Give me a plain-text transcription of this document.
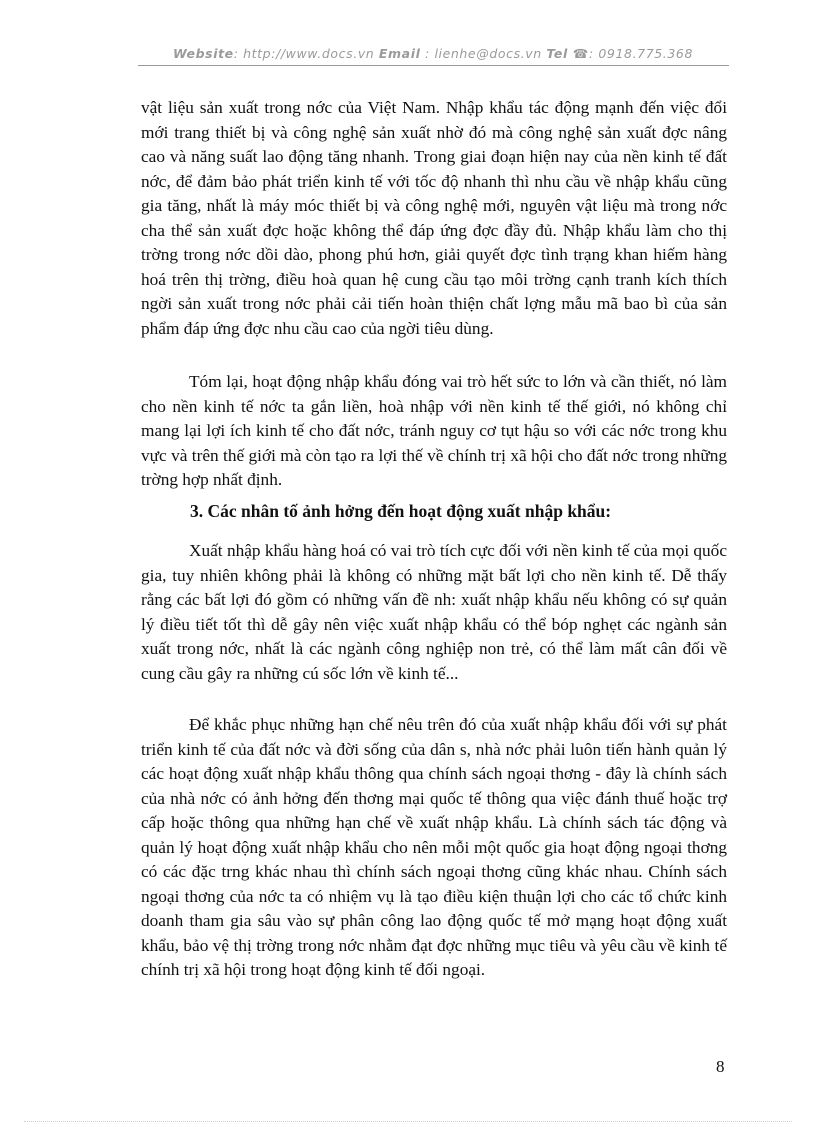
Website: http://www.docs.vn Email : lienhe@docs.vn Tel ☎: 0918.775.368

vật liệu sản xuất trong nớc của Việt Nam. Nhập khẩu tác động mạnh đến việc đổi mới trang thiết bị và công nghệ sản xuất nhờ đó mà công nghệ sản xuất đợc nâng cao và năng suất lao động tăng nhanh. Trong giai đoạn hiện nay của nền kinh tế đất nớc, để đảm bảo phát triển kinh tế với tốc độ nhanh thì nhu cầu về nhập khẩu cũng gia tăng, nhất là máy móc thiết bị và công nghệ mới, nguyên vật liệu mà trong nớc cha thể sản xuất đợc hoặc không thể đáp ứng đợc đầy đủ. Nhập khẩu làm cho thị trờng trong nớc dồi dào, phong phú hơn, giải quyết đợc tình trạng khan hiếm hàng hoá trên thị trờng, điều hoà quan hệ cung cầu tạo môi trờng cạnh tranh kích thích ngời sản xuất trong nớc phải cải tiến hoàn thiện chất lợng mẫu mã bao bì của sản phẩm đáp ứng đợc nhu cầu cao của ngời tiêu dùng.

Tóm lại, hoạt động nhập khẩu đóng vai trò hết sức to lớn và cần thiết, nó làm cho nền kinh tế nớc ta gắn liền, hoà nhập với nền kinh tế thế giới, nó không chỉ mang lại lợi ích kinh tế cho đất nớc, tránh nguy cơ tụt hậu so với các nớc trong khu vực và trên thế giới mà còn tạo ra lợi thế về chính trị xã hội cho đất nớc trong những trờng hợp nhất định.

3. Các nhân tố ảnh hởng đến hoạt động xuất nhập khẩu:

Xuất nhập khẩu hàng hoá có vai trò tích cực đối với nền kinh tế của mọi quốc gia, tuy nhiên không phải là không có những mặt bất lợi cho nền kinh tế. Dễ thấy rằng các bất lợi đó gồm có những vấn đề nh: xuất nhập khẩu nếu không có sự quản lý điều tiết tốt thì dễ gây nên việc xuất nhập khẩu có thể bóp nghẹt các ngành sản xuất trong nớc, nhất là các ngành công nghiệp non trẻ, có thể làm mất cân đối về cung cầu gây ra những cú sốc lớn về kinh tế...

Để khắc phục những hạn chế nêu trên đó của xuất nhập khẩu đối với sự phát triển kinh tế của đất nớc và đời sống của dân s, nhà nớc phải luôn tiến hành quản lý các hoạt động xuất nhập khẩu thông qua chính sách ngoại thơng - đây là chính sách của nhà nớc có ảnh hởng đến thơng mại quốc tế thông qua việc đánh thuế hoặc trợ cấp hoặc thông qua những hạn chế về xuất nhập khẩu. Là chính sách tác động và quản lý hoạt động xuất nhập khẩu cho nên mỗi một quốc gia hoạt động ngoại thơng có các đặc trng khác nhau thì chính sách ngoại thơng cũng khác nhau. Chính sách ngoại thơng của nớc ta có nhiệm vụ là tạo điều kiện thuận lợi cho các tổ chức kinh doanh tham gia sâu vào sự phân công lao động quốc tế mở mạng hoạt động xuất khẩu, bảo vệ thị trờng trong nớc nhằm đạt đợc những mục tiêu và yêu cầu về kinh tế chính trị xã hội trong hoạt động kinh tế đối ngoại.

8
